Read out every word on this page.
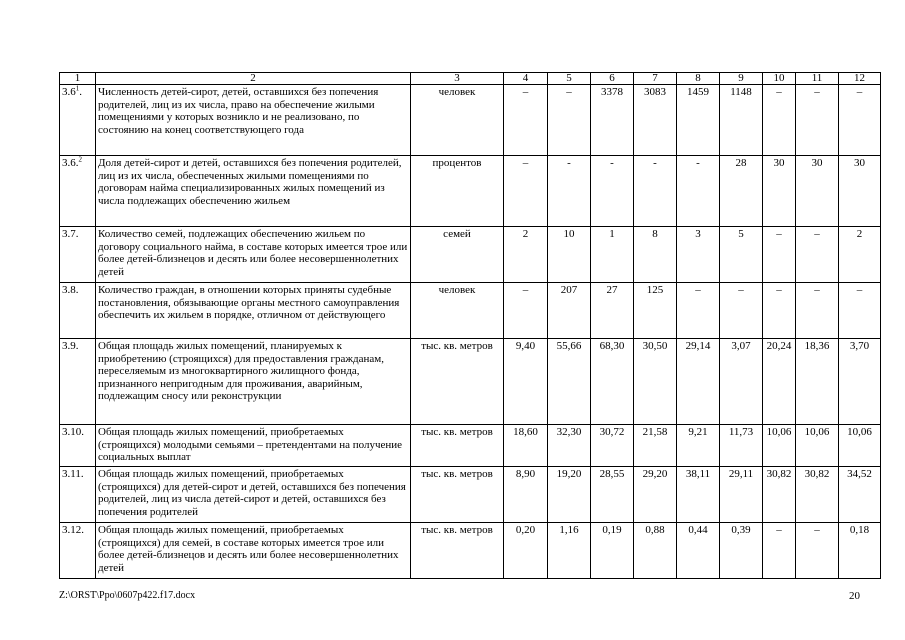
1	2	3	4	5	6	7	8	9	10	11	12
$3.6^1$.	Численность детей-сирот, детей, оставшихся без попечения родителей, лиц из их числа, право на обеспечение жилыми помещениями у которых возникло и не реализовано, по состоянию на конец соответствующего года	человек	–	–	3378	3083	1459	1148	–	–	–
3.6.$^2$	Доля детей-сирот и детей, оставшихся без попечения родителей, лиц из их числа, обеспеченных жилыми помещениями по договорам найма специализированных жилых помещений из числа подлежащих обеспечению жильем	процентов	–	-	-	-	-	28	30	30	30
3.7.	Количество семей, подлежащих обеспечению жильем по договору социального найма, в составе которых имеется трое или более детей-близнецов и десять или более несовершеннолетних детей	семей	2	10	1	8	3	5	–	–	2
3.8.	Количество граждан, в отношении которых приняты судебные постановления, обязывающие органы местного самоуправления обеспечить их жильем в порядке, отличном от действующего	человек	–	207	27	125	–	–	–	–	–
3.9.	Общая площадь жилых помещений, планируемых к приобретению (строящихся) для предоставления гражданам, переселяемым из многоквартирного жилищного фонда, признанного непригодным для проживания, аварийным, подлежащим сносу или реконструкции	тыс. кв. метров	9,40	55,66	68,30	30,50	29,14	3,07	20,24	18,36	3,70
3.10.	Общая площадь жилых помещений, приобретаемых (строящихся) молодыми семьями – претендентами на получение социальных выплат	тыс. кв. метров	18,60	32,30	30,72	21,58	9,21	11,73	10,06	10,06	10,06
3.11.	Общая площадь жилых помещений, приобретаемых (строящихся) для детей-сирот и детей, оставшихся без попечения родителей, лиц из числа детей-сирот и детей, оставшихся без попечения родителей	тыс. кв. метров	8,90	19,20	28,55	29,20	38,11	29,11	30,82	30,82	34,52
3.12.	Общая площадь жилых помещений, приобретаемых (строящихся) для семей, в составе которых имеется трое или более детей-близнецов и десять или более несовершеннолетних детей	тыс. кв. метров	0,20	1,16	0,19	0,88	0,44	0,39	–	–	0,18
Z:\ORST\Ppo\0607p422.f17.docx	20
